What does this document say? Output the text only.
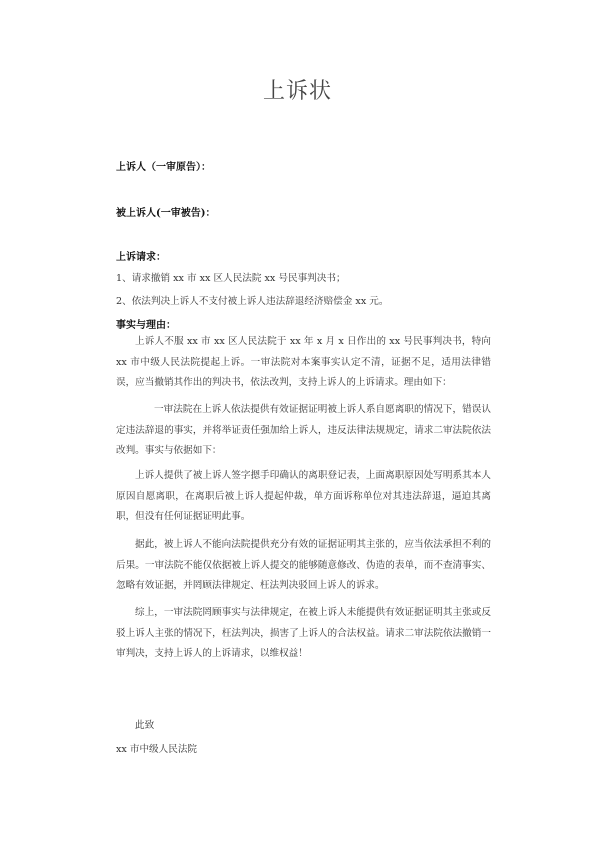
上诉状
上诉人（一审原告）：
被上诉人(一审被告)：
上诉请求：
1、请求撤销 xx 市 xx 区人民法院 xx 号民事判决书；
2、依法判决上诉人不支付被上诉人违法辞退经济赔偿金 xx 元。
事实与理由：

上诉人不服 xx 市 xx 区人民法院于 xx 年 x 月 x 日作出的 xx 号民事判决书，特向 xx 市中级人民法院提起上诉。一审法院对本案事实认定不清，证据不足，适用法律错误，应当撤销其作出的判决书，依法改判，支持上诉人的上诉请求。理由如下：

一审法院在上诉人依法提供有效证据证明被上诉人系自愿离职的情况下，错误认定违法辞退的事实，并将举证责任强加给上诉人，违反法律法规规定，请求二审法院依法改判。事实与依据如下：

上诉人提供了被上诉人签字摁手印确认的离职登记表，上面离职原因处写明系其本人原因自愿离职，在离职后被上诉人提起仲裁，单方面诉称单位对其违法辞退，逼迫其离职，但没有任何证据证明此事。

据此，被上诉人不能向法院提供充分有效的证据证明其主张的，应当依法承担不利的后果。一审法院不能仅依据被上诉人提交的能够随意修改、伪造的表单，而不查清事实、忽略有效证据，并罔顾法律规定、枉法判决驳回上诉人的诉求。

综上，一审法院罔顾事实与法律规定，在被上诉人未能提供有效证据证明其主张或反驳上诉人主张的情况下，枉法判决，损害了上诉人的合法权益。请求二审法院依法撤销一审判决，支持上诉人的上诉请求，以维权益！

此致
xx 市中级人民法院
